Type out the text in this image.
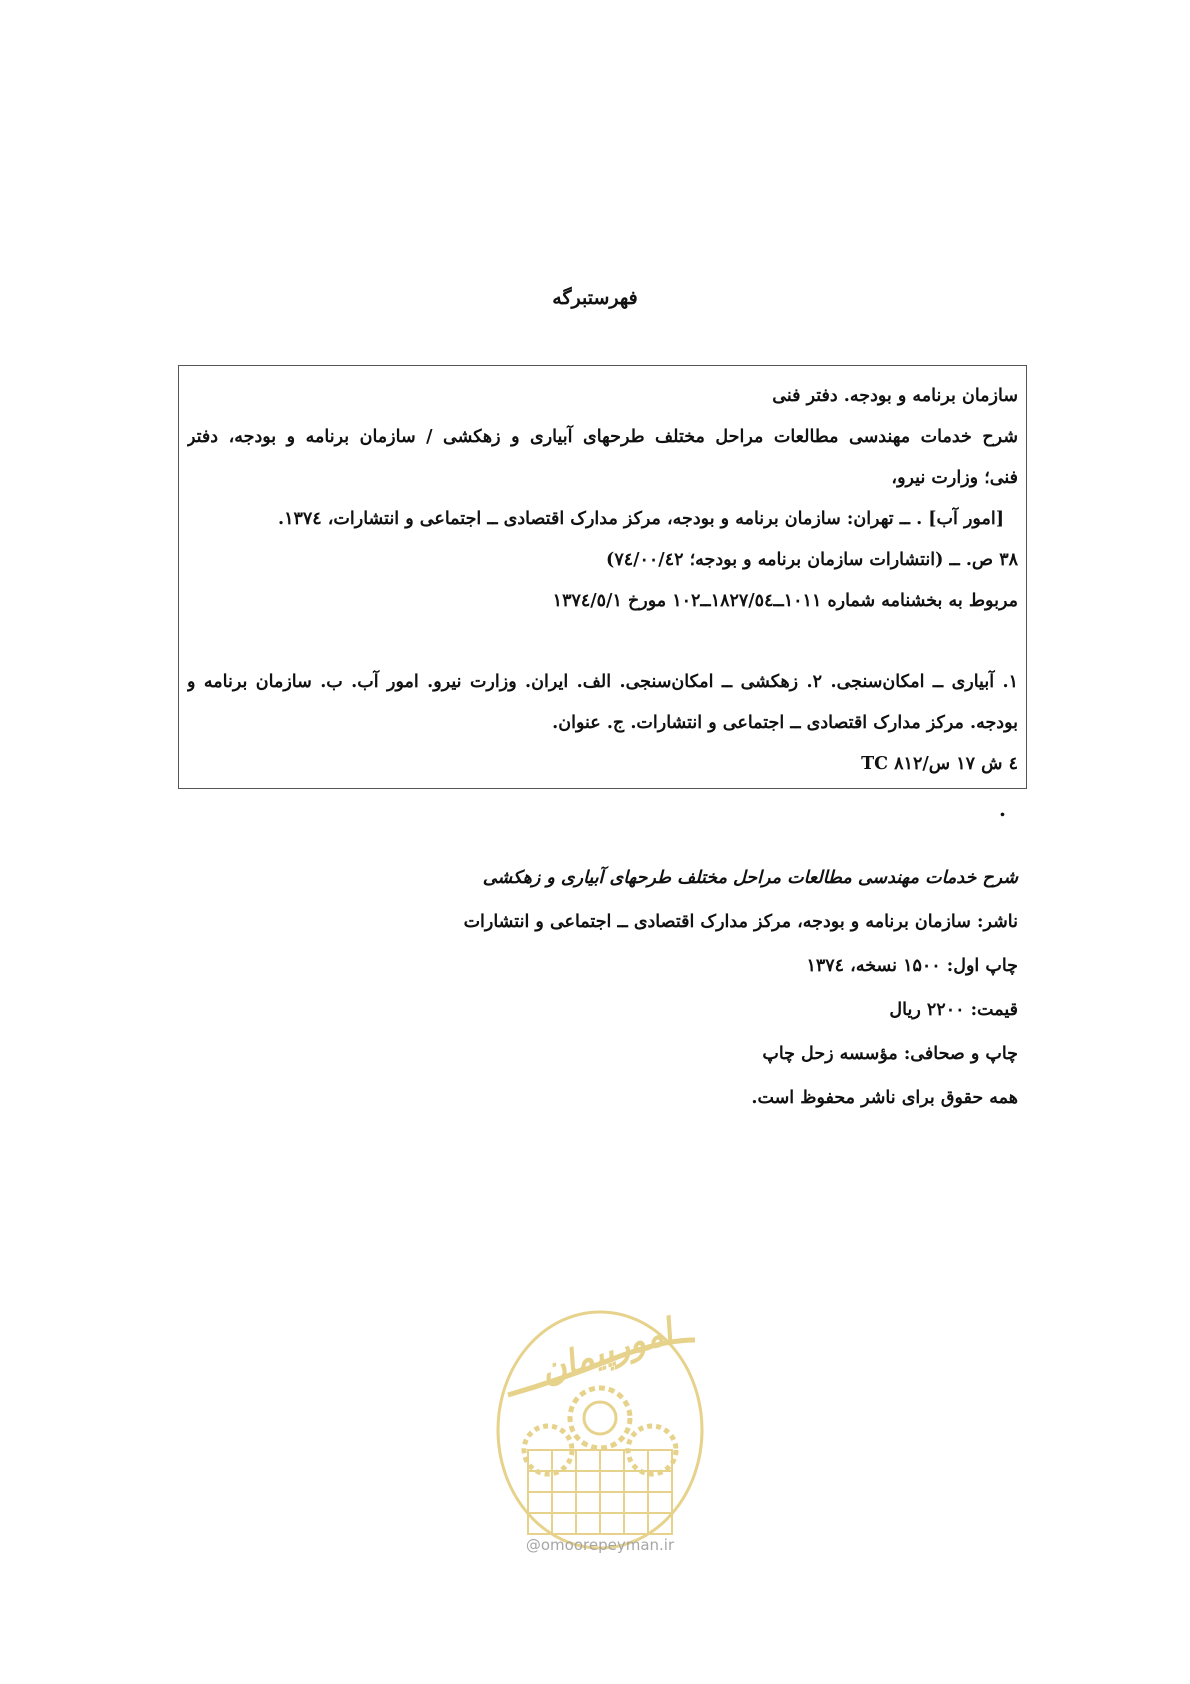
فهرستبرگه
سازمان برنامه و بودجه. دفتر فنی
شرح خدمات مهندسی مطالعات مراحل مختلف طرحهای آبیاری و زهکشی / سازمان برنامه و بودجه، دفتر
فنی؛ وزارت نیرو،
[امور آب] . ــ تهران: سازمان برنامه و بودجه، مرکز مدارک اقتصادی ــ اجتماعی و انتشارات، ۱۳۷٤.
۳۸ ص. ــ (انتشارات سازمان برنامه و بودجه؛ ۷٤/۰۰/٤۲)
مربوط به بخشنامه شماره ۱۰۱۱ــ۱۸۲۷/٥٤ــ۱۰۲ مورخ ۱۳۷٤/٥/۱
۱. آبیاری ــ امکان‌سنجی. ۲. زهکشی ــ امکان‌سنجی. الف. ایران. وزارت نیرو. امور آب. ب. سازمان برنامه و
بودجه. مرکز مدارک اقتصادی ــ اجتماعی و انتشارات. ج. عنوان.
٤ ش ۱۷ س/۸۱۲ TC
.
شرح خدمات مهندسی مطالعات مراحل مختلف طرحهای آبیاری و زهکشی
ناشر: سازمان برنامه و بودجه، مرکز مدارک اقتصادی ــ اجتماعی و انتشارات
چاپ اول: ۱۵۰۰ نسخه، ۱۳۷٤
قیمت: ۲۲۰۰ ریال
چاپ و صحافی: مؤسسه زحل چاپ
همه حقوق برای ناشر محفوظ است.
امورپیمان
@omoorepeyman.ir
